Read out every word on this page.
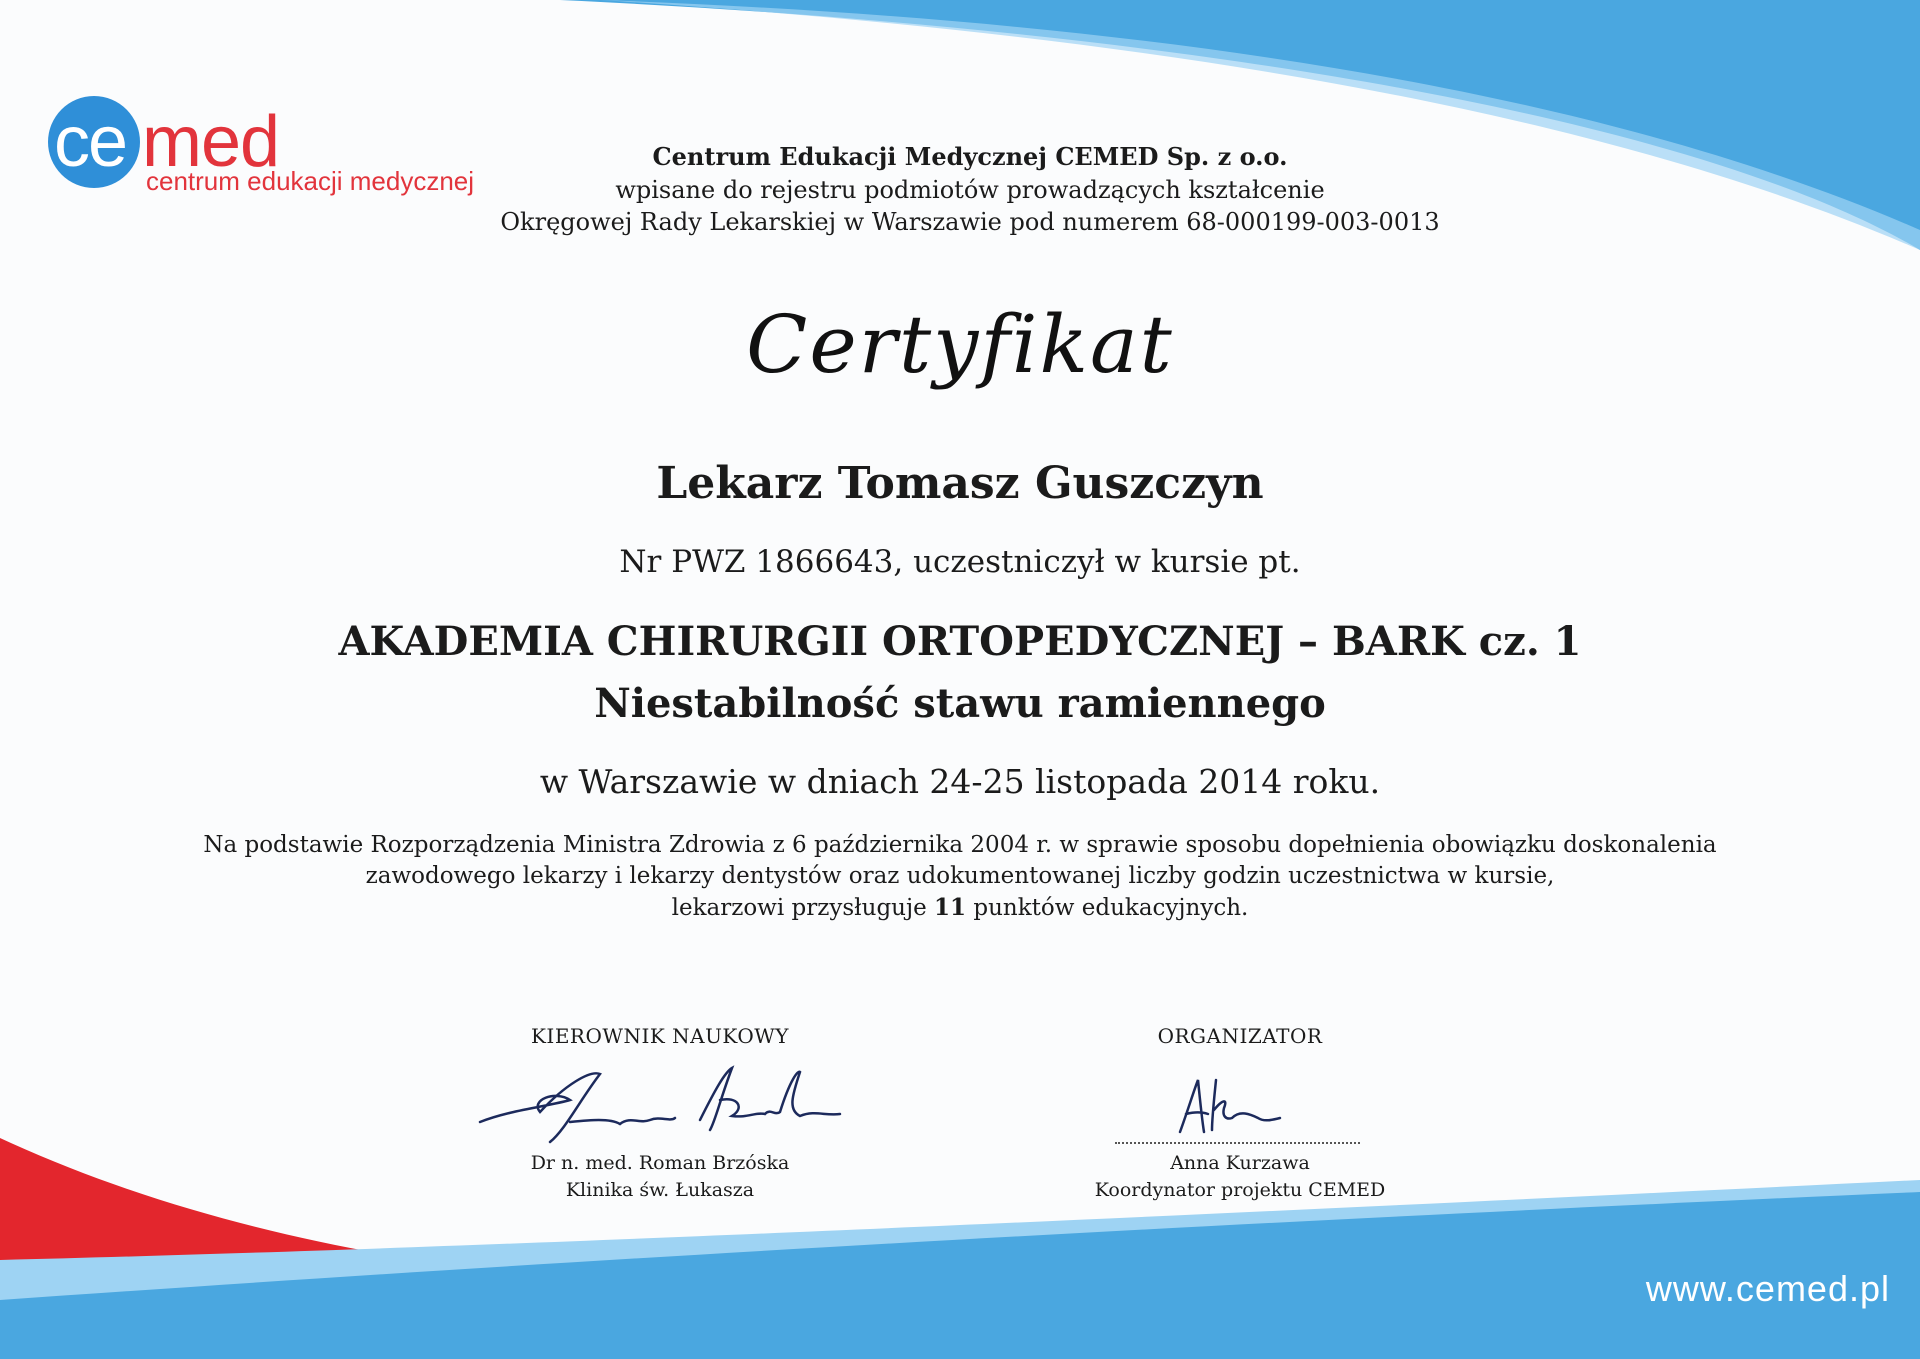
ce med
centrum edukacji medycznej
Centrum Edukacji Medycznej CEMED Sp. z o.o.
wpisane do rejestru podmiotów prowadzących kształcenie
Okręgowej Rady Lekarskiej w Warszawie pod numerem 68-000199-003-0013
Certyfikat
Lekarz Tomasz Guszczyn
Nr PWZ 1866643, uczestniczył w kursie pt.
AKADEMIA CHIRURGII ORTOPEDYCZNEJ – BARK cz. 1
Niestabilność stawu ramiennego
w Warszawie w dniach 24-25 listopada 2014 roku.
Na podstawie Rozporządzenia Ministra Zdrowia z 6 października 2004 r. w sprawie sposobu dopełnienia obowiązku doskonalenia
zawodowego lekarzy i lekarzy dentystów oraz udokumentowanej liczby godzin uczestnictwa w kursie,
lekarzowi przysługuje 11 punktów edukacyjnych.
KIEROWNIK NAUKOWY
Dr n. med. Roman Brzóska
Klinika św. Łukasza
ORGANIZATOR
Anna Kurzawa
Koordynator projektu CEMED
www.cemed.pl
